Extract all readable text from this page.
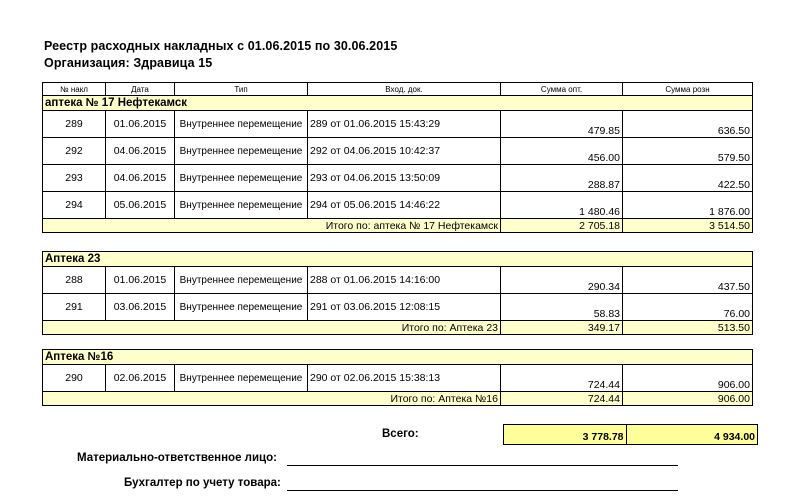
Реестр расходных накладных с 01.06.2015 по 30.06.2015
Организация: Здравица 15
№ накл	Дата	Тип	Вход. док.	Сумма опт.	Сумма розн
аптека № 17 Нефтекамск					
289	01.06.2015	Внутреннее перемещение	289 от 01.06.2015 15:43:29	479.85	636.50
292	04.06.2015	Внутреннее перемещение	292 от 04.06.2015 10:42:37	456.00	579.50
293	04.06.2015	Внутреннее перемещение	293 от 04.06.2015 13:50:09	288.87	422.50
294	05.06.2015	Внутреннее перемещение	294 от 05.06.2015 14:46:22	1 480.46	1 876.00
Итого по: аптека № 17 Нефтекамск				2 705.18	3 514.50
Аптека 23					
288	01.06.2015	Внутреннее перемещение	288 от 01.06.2015 14:16:00	290.34	437.50
291	03.06.2015	Внутреннее перемещение	291 от 03.06.2015 12:08:15	58.83	76.00
Итого по: Аптека 23				349.17	513.50
Аптека №16					
290	02.06.2015	Внутреннее перемещение	290 от 02.06.2015 15:38:13	724.44	906.00
Итого по: Аптека №16				724.44	906.00
Всего:	3 778.78	4 934.00
Материально-ответственное лицо:
Бухгалтер по учету товара:
